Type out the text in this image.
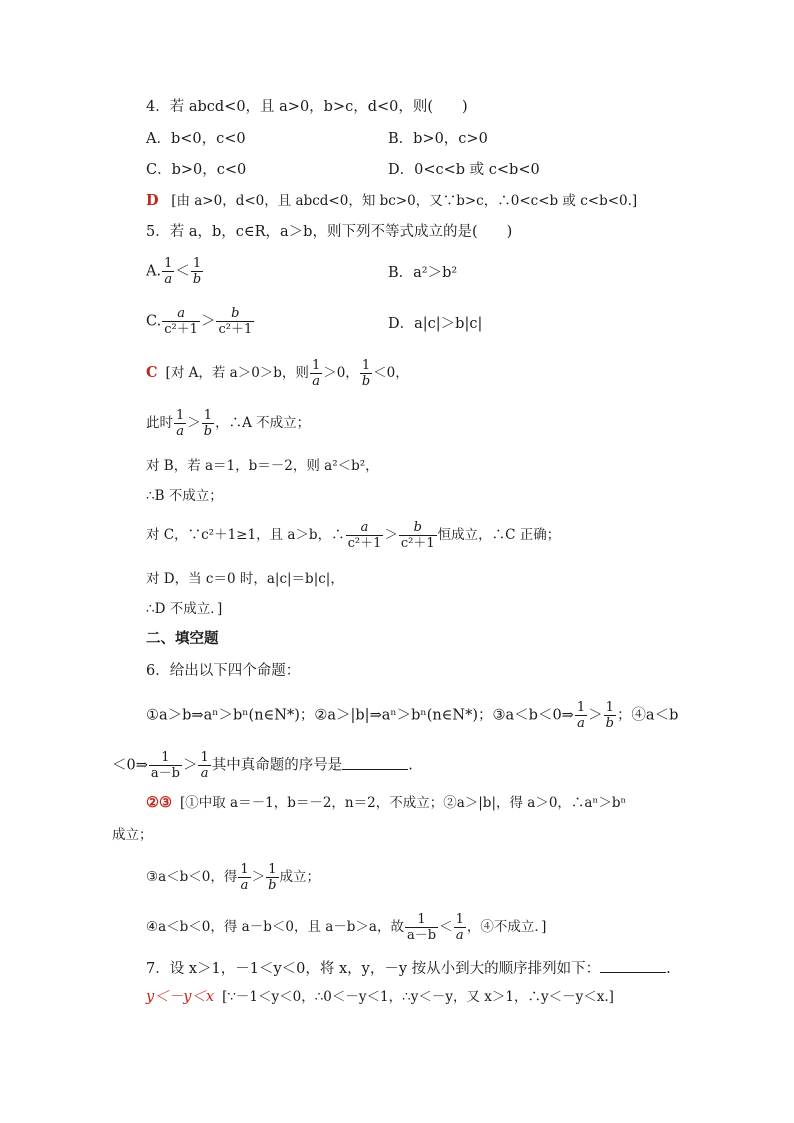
4．若 abcd<0，且 a>0，b>c，d<0，则(　　)
A．b<0，c<0	B．b>0，c>0
C．b>0，c<0	D．0<c<b 或 c<b<0
D [由 a>0，d<0，且 abcd<0，知 bc>0，又∵b>c，∴0<c<b 或 c<b<0.]
5．若 a，b，c∈R，a＞b，则下列不等式成立的是(　　)
A. $\frac{1}{a} < \frac{1}{b}$	B．a²＞b²
C. $\frac{a}{\text{c²＋1}} > \frac{b}{\text{c²＋1}}$	D．a|c|＞b|c|
C [对 A，若 a＞0＞b，则 $\frac{1}{a} >0$， $\frac{1}{b} <0$，
此时 $\frac{1}{a} > \frac{1}{b}$ ，∴A 不成立；
对 B，若 a＝1，b＝－2，则 a²＜b²，
∴B 不成立；
对 C，∵c²＋1≥1，且 a＞b，∴ $\frac{a}{\text{c²＋1}} > \frac{b}{\text{c²＋1}}$ 恒成立，∴C 正确；
对 D，当 c＝0 时，a|c|＝b|c|，
∴D 不成立．]
二、填空题
6．给出以下四个命题：
①a＞b⇒aⁿ＞bⁿ(n∈N*)；②a＞|b|⇒aⁿ＞bⁿ(n∈N*)；③a＜b＜0⇒ $\frac{1}{a} > \frac{1}{b}$ ；④a＜b
＜0⇒ $\frac{1}{a-b} > \frac{1}{a}$ 其中真命题的序号是	.
②③ [①中取 a＝－1，b＝－2，n＝2，不成立；②a＞|b|，得 a＞0，∴aⁿ＞bⁿ
成立；
③a＜b＜0，得 $\frac{1}{a} > \frac{1}{b}$ 成立；
④a＜b＜0，得 a－b＜0，且 a－b＞a，故 $\frac{1}{a-b} < \frac{1}{a}$ ，④不成立．]
7．设 x＞1，－1＜y＜0，将 x，y，－y 按从小到大的顺序排列如下：	.
y＜－y＜x [∵－1＜y＜0，∴0＜－y＜1，∴y＜－y，又 x＞1，∴y＜－y＜x.]
